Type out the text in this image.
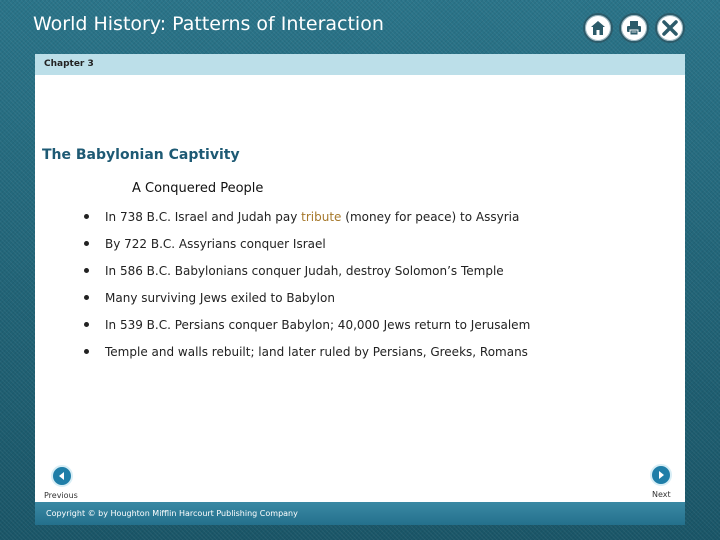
World History: Patterns of Interaction
Chapter 3
The Babylonian Captivity
A Conquered People
In 738 B.C. Israel and Judah pay tribute (money for peace) to Assyria
By 722 B.C. Assyrians conquer Israel
In 586 B.C. Babylonians conquer Judah, destroy Solomon’s Temple
Many surviving Jews exiled to Babylon
In 539 B.C. Persians conquer Babylon; 40,000 Jews return to Jerusalem
Temple and walls rebuilt; land later ruled by Persians, Greeks, Romans
Previous	Next
Copyright © by Houghton Mifflin Harcourt Publishing Company
